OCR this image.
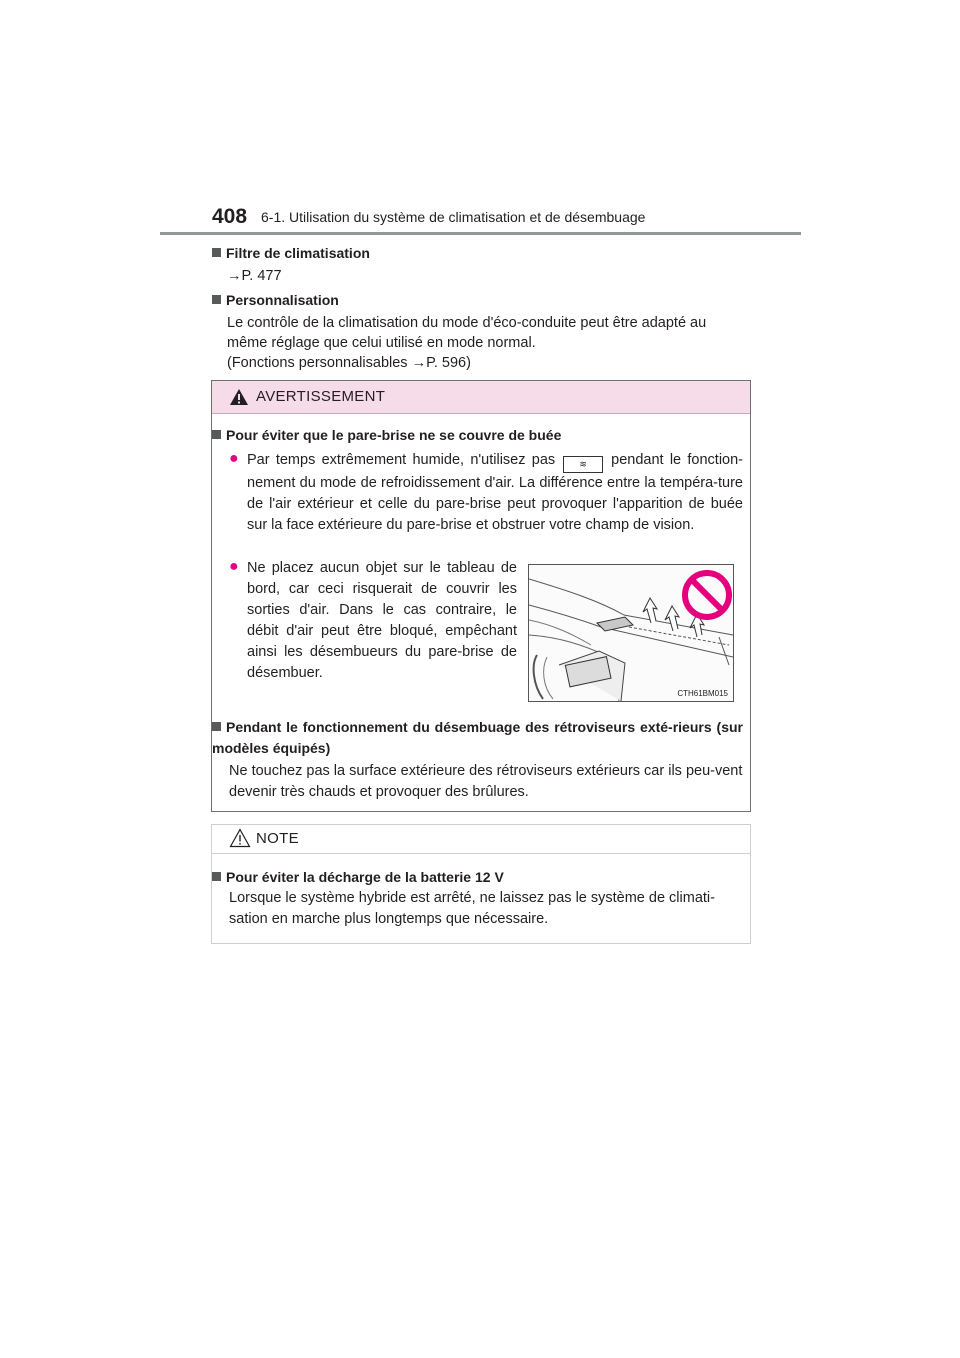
408 6-1. Utilisation du système de climatisation et de désembuage
Filtre de climatisation
→P. 477
Personnalisation
Le contrôle de la climatisation du mode d'éco-conduite peut être adapté au
même réglage que celui utilisé en mode normal.
(Fonctions personnalisables →P. 596)
AVERTISSEMENT
Pour éviter que le pare-brise ne se couvre de buée
● Par temps extrêmement humide, n'utilisez pas	≋ pendant le fonction- nement du mode de refroidissement d'air. La différence entre la tempéra-ture de l'air extérieur et celle du pare-brise peut provoquer l'apparition de buée sur la face extérieure du pare-brise et obstruer votre champ de vision.
● Ne placez aucun objet sur le tableau de bord, car ceci risquerait de couvrir les sorties d'air. Dans le cas contraire, le débit d'air peut être bloqué, empêchant ainsi les désembueurs du pare-brise de désembuer.
Pendant le fonctionnement du désembuage des rétroviseurs exté-rieurs (sur modèles équipés)
Ne touchez pas la surface extérieure des rétroviseurs extérieurs car ils peu-vent devenir très chauds et provoquer des brûlures.
CTH61BM015
NOTE
Pour éviter la décharge de la batterie 12 V
Lorsque le système hybride est arrêté, ne laissez pas le système de climati-sation en marche plus longtemps que nécessaire.
